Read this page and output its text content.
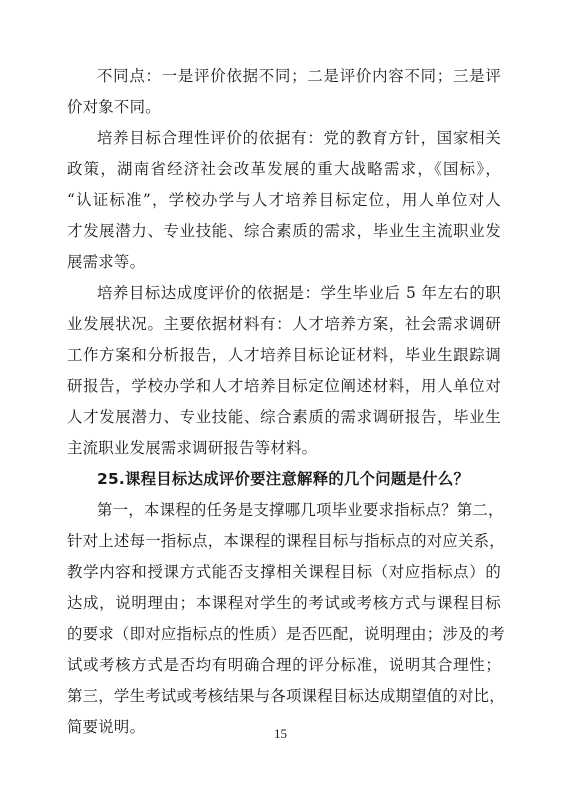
不同点：一是评价依据不同；二是评价内容不同；三是评
价对象不同。
培养目标合理性评价的依据有：党的教育方针，国家相关
政策，湖南省经济社会改革发展的重大战略需求，《国标》，
“认证标准”，学校办学与人才培养目标定位，用人单位对人
才发展潜力、专业技能、综合素质的需求，毕业生主流职业发
展需求等。
培养目标达成度评价的依据是：学生毕业后 5 年左右的职
业发展状况。主要依据材料有：人才培养方案，社会需求调研
工作方案和分析报告，人才培养目标论证材料，毕业生跟踪调
研报告，学校办学和人才培养目标定位阐述材料，用人单位对
人才发展潜力、专业技能、综合素质的需求调研报告，毕业生
主流职业发展需求调研报告等材料。
25.课程目标达成评价要注意解释的几个问题是什么？
第一，本课程的任务是支撑哪几项毕业要求指标点？第二，
针对上述每一指标点，本课程的课程目标与指标点的对应关系，
教学内容和授课方式能否支撑相关课程目标（对应指标点）的
达成，说明理由；本课程对学生的考试或考核方式与课程目标
的要求（即对应指标点的性质）是否匹配，说明理由；涉及的考
试或考核方式是否均有明确合理的评分标准，说明其合理性；
第三，学生考试或考核结果与各项课程目标达成期望值的对比，
简要说明。	15
